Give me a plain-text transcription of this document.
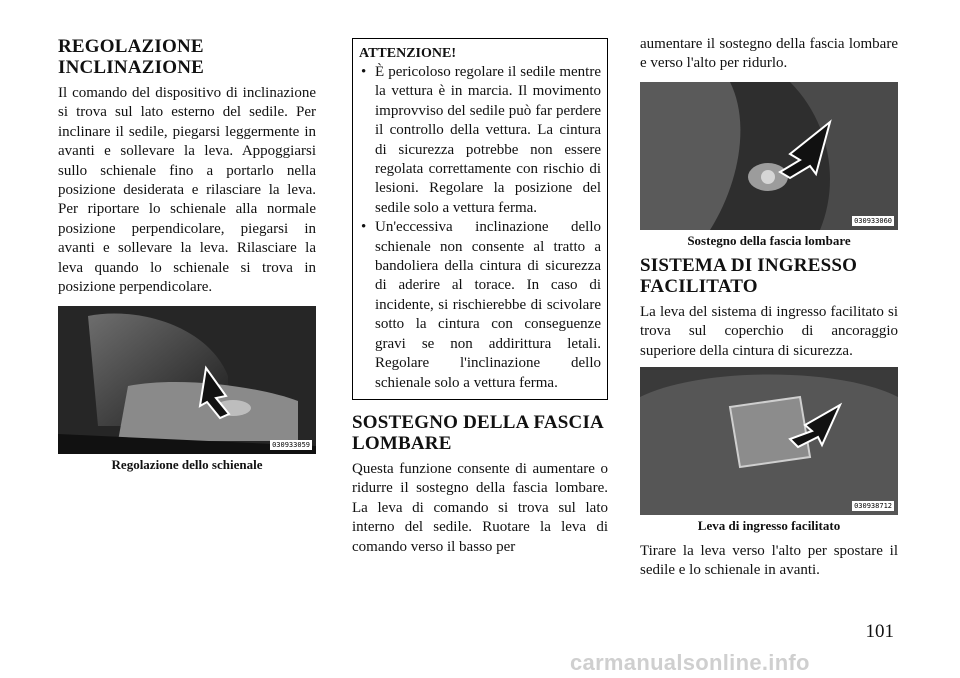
REGOLAZIONE INCLINAZIONE

Il comando del dispositivo di inclinazione si trova sul lato esterno del sedile. Per inclinare il sedile, piegarsi leggermente in avanti e sollevare la leva. Appoggiarsi sullo schienale fino a portarlo nella posizione desiderata e rilasciare la leva. Per riportare lo schienale alla normale posizione perpendicolare, piegarsi in avanti e sollevare la leva. Rilasciare la leva quando lo schienale si trova in posizione perpendicolare.

030933059
Regolazione dello schienale
ATTENZIONE!
• È pericoloso regolare il sedile mentre la vettura è in marcia. Il movimento improvviso del sedile può far perdere il controllo della vettura. La cintura di sicurezza potrebbe non essere regolata correttamente con rischio di lesioni. Regolare la posizione del sedile solo a vettura ferma.
• Un'eccessiva inclinazione dello schienale non consente al tratto a bandoliera della cintura di sicurezza di aderire al torace. In caso di incidente, si rischierebbe di scivolare sotto la cintura con conseguenze gravi se non addirittura letali. Regolare l'inclinazione dello schienale solo a vettura ferma.
SOSTEGNO DELLA FASCIA LOMBARE

Questa funzione consente di aumentare o ridurre il sostegno della fascia lombare. La leva di comando si trova sul lato interno del sedile. Ruotare la leva di comando verso il basso per

aumentare il sostegno della fascia lombare e verso l'alto per ridurlo.

030933060
Sostegno della fascia lombare
SISTEMA DI INGRESSO FACILITATO

La leva del sistema di ingresso facilitato si trova sul coperchio di ancoraggio superiore della cintura di sicurezza.

030938712
Leva di ingresso facilitato

Tirare la leva verso l'alto per spostare il sedile e lo schienale in avanti.

101
carmanualsonline.info
